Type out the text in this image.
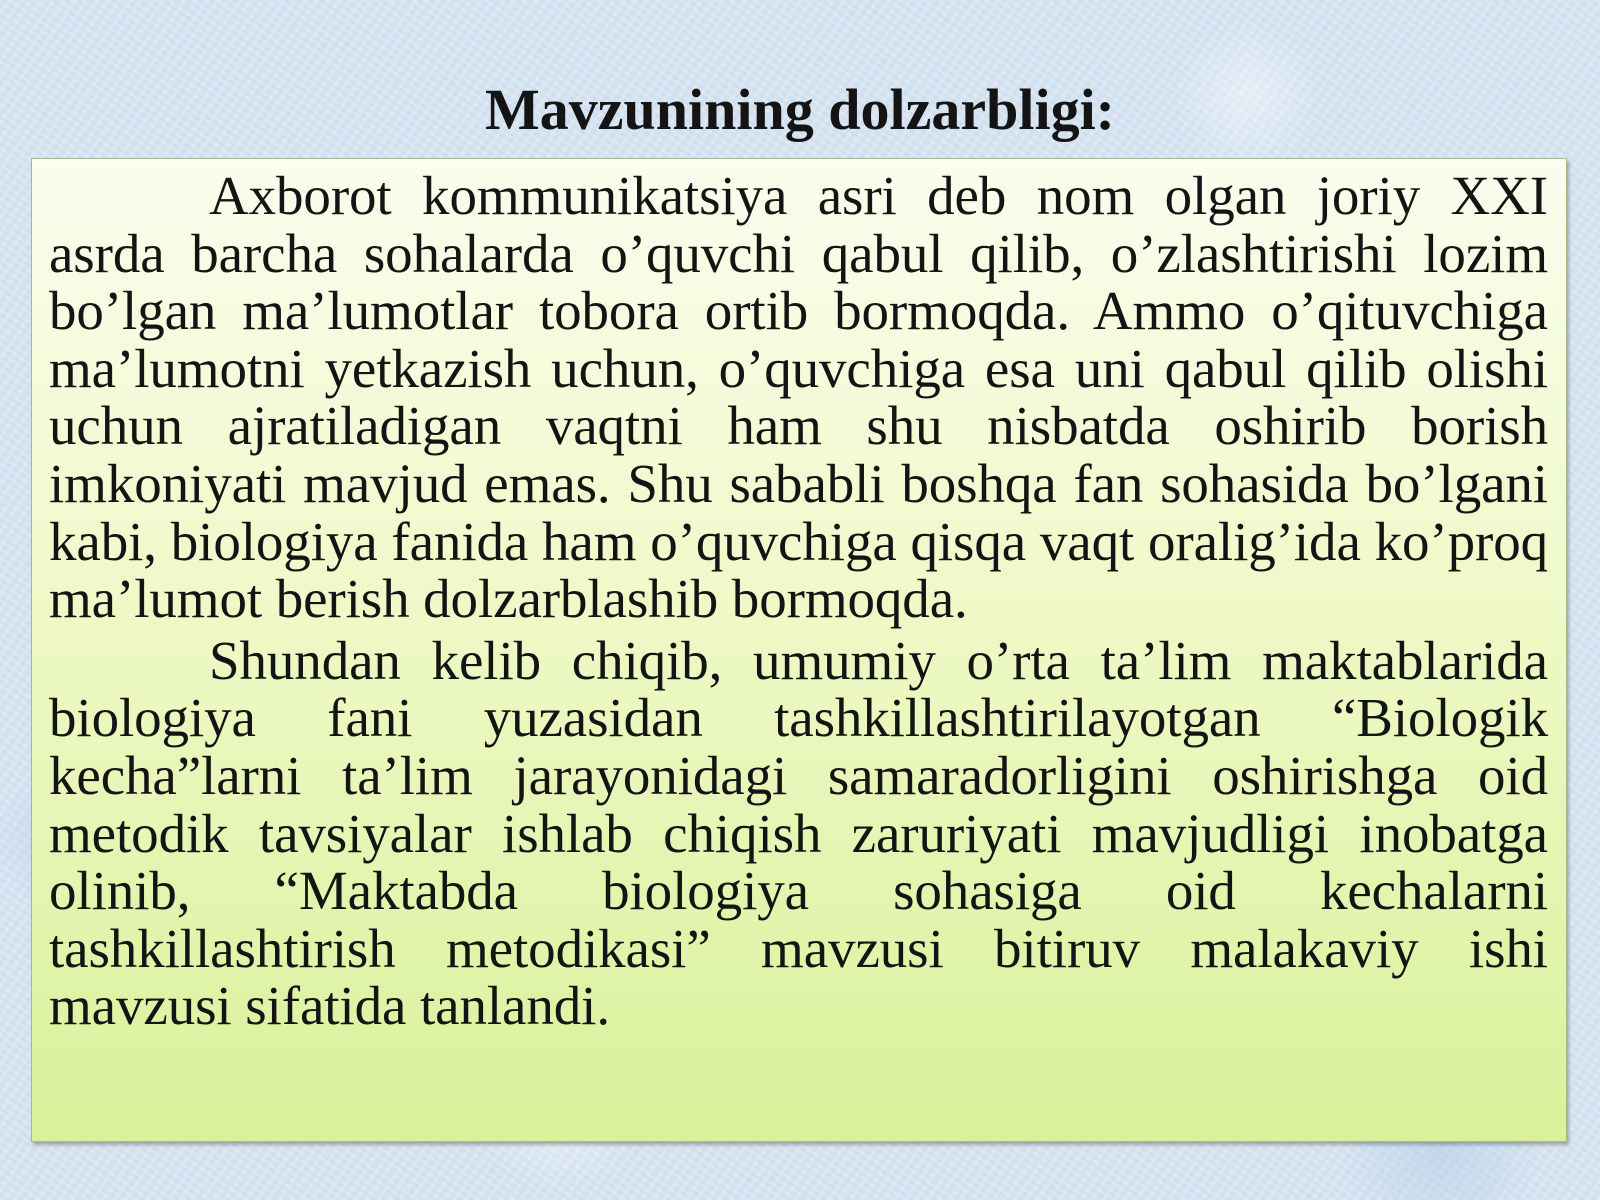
Mavzunining dolzarbligi:

Axborot kommunikatsiya asri deb nom olgan joriy XXI asrda barcha sohalarda o’quvchi qabul qilib, o’zlashtirishi lozim bo’lgan ma’lumotlar tobora ortib bormoqda. Ammo o’qituvchiga ma’lumotni yetkazish uchun, o’quvchiga esa uni qabul qilib olishi uchun ajratiladigan vaqtni ham shu nisbatda oshirib borish imkoniyati mavjud emas. Shu sababli boshqa fan sohasida bo’lgani kabi, biologiya fanida ham o’quvchiga qisqa vaqt oralig’ida ko’proq ma’lumot berish dolzarblashib bormoqda.

Shundan kelib chiqib, umumiy o’rta ta’lim maktablarida biologiya fani yuzasidan tashkillashtirilayotgan “Biologik kecha”larni ta’lim jarayonidagi samaradorligini oshirishga oid metodik tavsiyalar ishlab chiqish zaruriyati mavjudligi inobatga olinib, “Maktabda biologiya sohasiga oid kechalarni tashkillashtirish metodikasi” mavzusi bitiruv malakaviy ishi mavzusi sifatida tanlandi.
